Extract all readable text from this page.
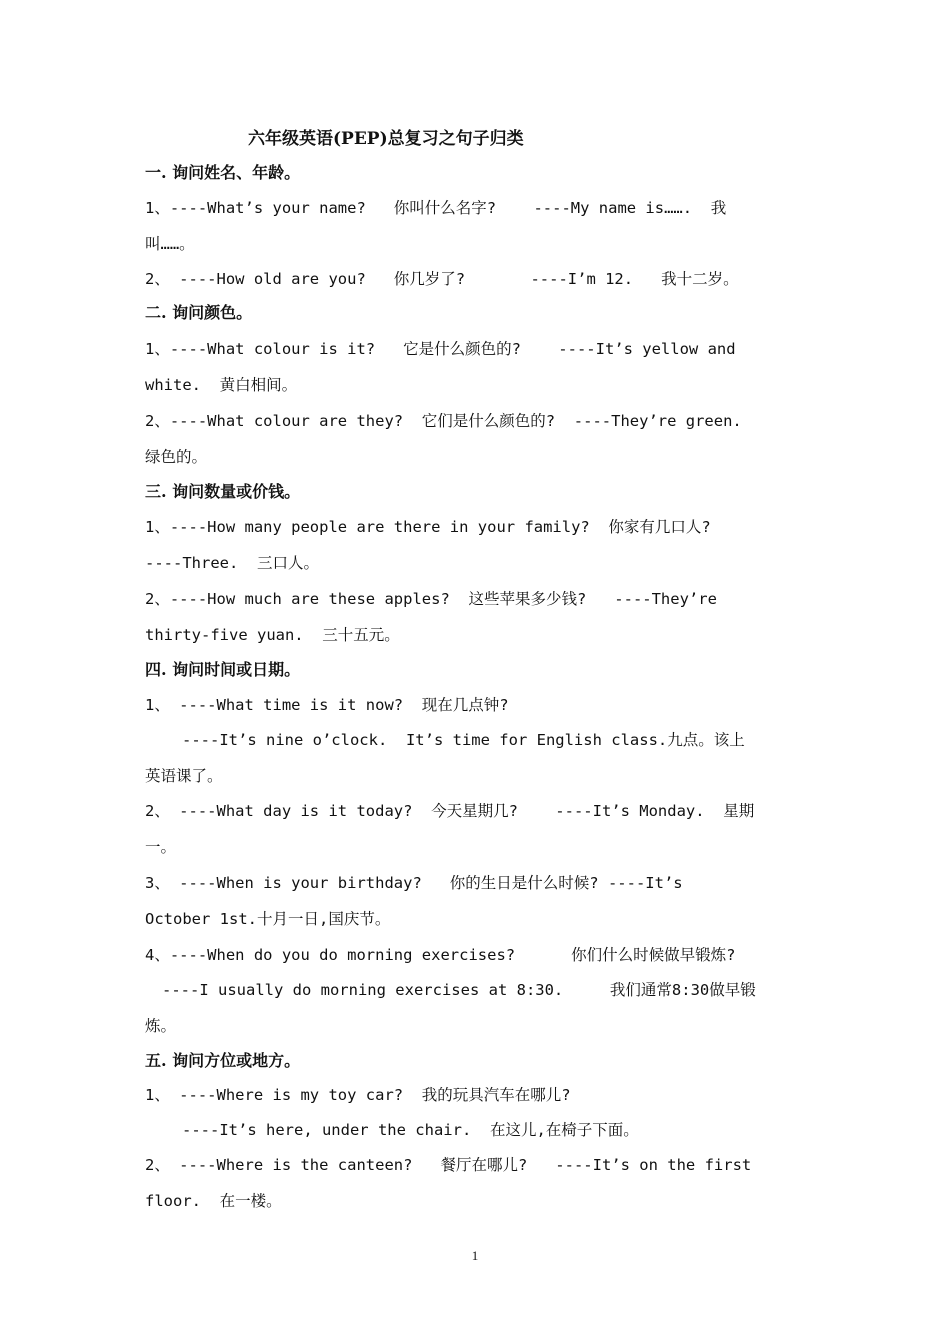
六年级英语(PEP)总复习之句子归类
一. 询问姓名、年龄。
1、----What’s your name?   你叫什么名字?    ----My name is…….  我
叫……。
2、 ----How old are you?   你几岁了?       ----I’m 12.   我十二岁。
二. 询问颜色。
1、----What colour is it?   它是什么颜色的?    ----It’s yellow and
white.  黄白相间。
2、----What colour are they?  它们是什么颜色的?  ----They’re green.
绿色的。
三. 询问数量或价钱。
1、----How many people are there in your family?  你家有几口人?
----Three.  三口人。
2、----How much are these apples?  这些苹果多少钱?   ----They’re
thirty-five yuan.  三十五元。
四. 询问时间或日期。
1、 ----What time is it now?  现在几点钟?
----It’s nine o’clock.  It’s time for English class.九点。该上
英语课了。
2、 ----What day is it today?  今天星期几?    ----It’s Monday.  星期
一。
3、 ----When is your birthday?   你的生日是什么时候? ----It’s
October 1st.十月一日,国庆节。
4、----When do you do morning exercises?      你们什么时候做早锻炼?
----I usually do morning exercises at 8:30.     我们通常8:30做早锻
炼。
五. 询问方位或地方。
1、 ----Where is my toy car?  我的玩具汽车在哪儿?
----It’s here, under the chair.  在这儿,在椅子下面。
2、 ----Where is the canteen?   餐厅在哪儿?   ----It’s on the first
floor.  在一楼。
1
